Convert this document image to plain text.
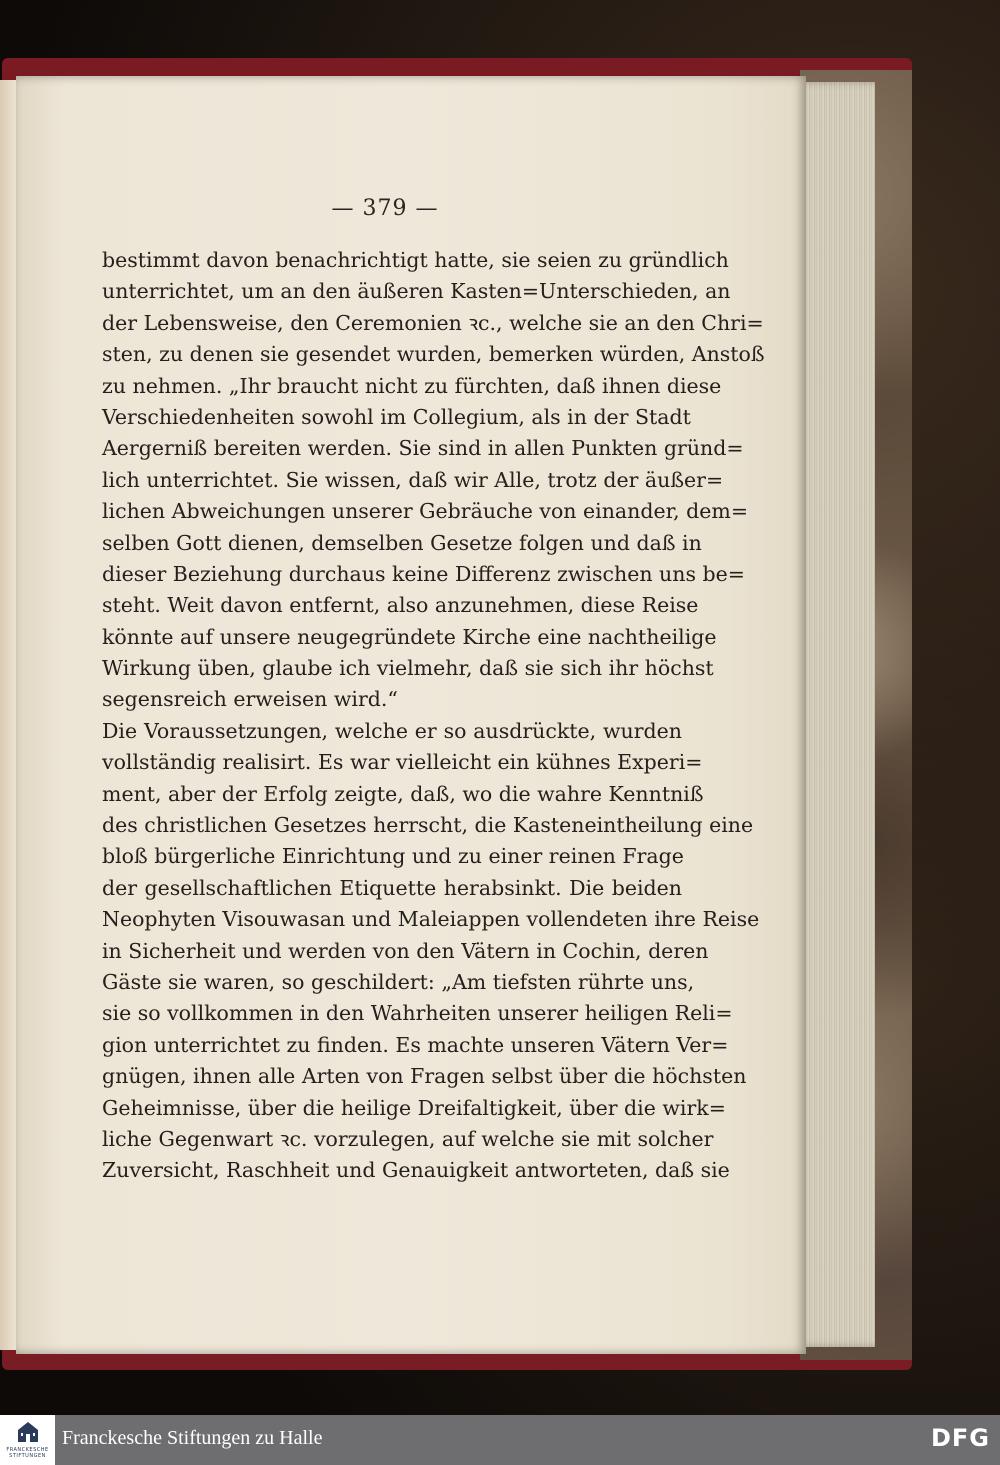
— 379 —
bestimmt davon benachrichtigt hatte, sie seien zu gründlich
unterrichtet, um an den äußeren Kasten=Unterschieden, an
der Lebensweise, den Ceremonien ꝛc., welche sie an den Chri=
sten, zu denen sie gesendet wurden, bemerken würden, Anstoß
zu nehmen. „Ihr braucht nicht zu fürchten, daß ihnen diese
Verschiedenheiten sowohl im Collegium, als in der Stadt
Aergerniß bereiten werden. Sie sind in allen Punkten gründ=
lich unterrichtet. Sie wissen, daß wir Alle, trotz der äußer=
lichen Abweichungen unserer Gebräuche von einander, dem=
selben Gott dienen, demselben Gesetze folgen und daß in
dieser Beziehung durchaus keine Differenz zwischen uns be=
steht. Weit davon entfernt, also anzunehmen, diese Reise
könnte auf unsere neugegründete Kirche eine nachtheilige
Wirkung üben, glaube ich vielmehr, daß sie sich ihr höchst
segensreich erweisen wird.“
Die Voraussetzungen, welche er so ausdrückte, wurden
vollständig realisirt. Es war vielleicht ein kühnes Experi=
ment, aber der Erfolg zeigte, daß, wo die wahre Kenntniß
des christlichen Gesetzes herrscht, die Kasteneintheilung eine
bloß bürgerliche Einrichtung und zu einer reinen Frage
der gesellschaftlichen Etiquette herabsinkt. Die beiden
Neophyten Visouwasan und Maleiappen vollendeten ihre Reise
in Sicherheit und werden von den Vätern in Cochin, deren
Gäste sie waren, so geschildert: „Am tiefsten rührte uns,
sie so vollkommen in den Wahrheiten unserer heiligen Reli=
gion unterrichtet zu finden. Es machte unseren Vätern Ver=
gnügen, ihnen alle Arten von Fragen selbst über die höchsten
Geheimnisse, über die heilige Dreifaltigkeit, über die wirk=
liche Gegenwart ꝛc. vorzulegen, auf welche sie mit solcher
Zuversicht, Raschheit und Genauigkeit antworteten, daß sie
FRANCKESCHE
STIFTUNGEN
Franckesche Stiftungen zu Halle	DFG
